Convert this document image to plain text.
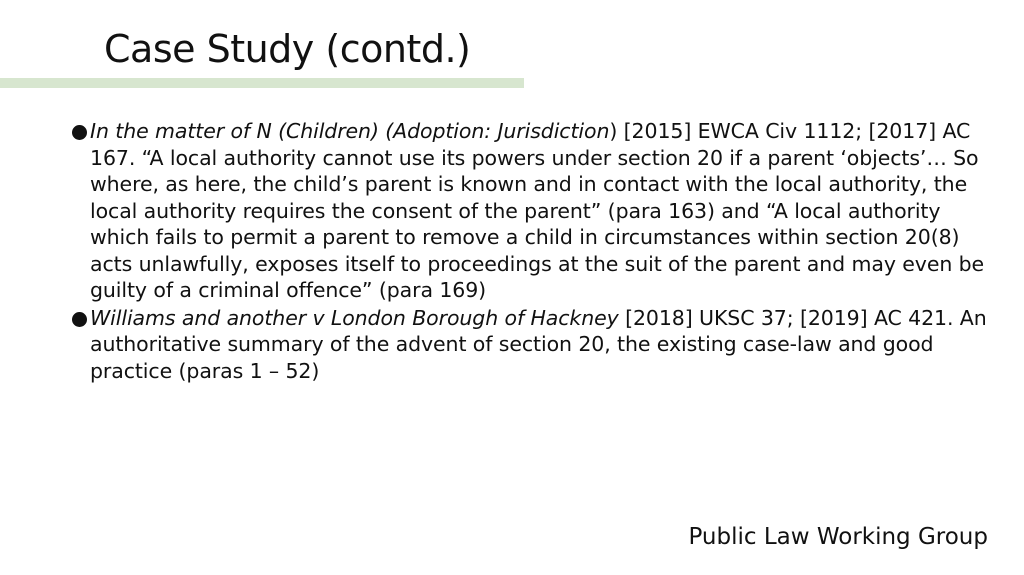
Case Study (contd.)
In the matter of N (Children) (Adoption: Jurisdiction) [2015] EWCA Civ 1112; [2017] AC 167. “A local authority cannot use its powers under section 20 if a parent ‘objects’… So where, as here, the child’s parent is known and in contact with the local authority, the local authority requires the consent of the parent” (para 163) and “A local authority which fails to permit a parent to remove a child in circumstances within section 20(8) acts unlawfully, exposes itself to proceedings at the suit of the parent and may even be guilty of a criminal offence” (para 169)
Williams and another v London Borough of Hackney [2018] UKSC 37; [2019] AC 421. An authoritative summary of the advent of section 20, the existing case-law and good practice (paras 1 – 52)

Public Law Working Group
